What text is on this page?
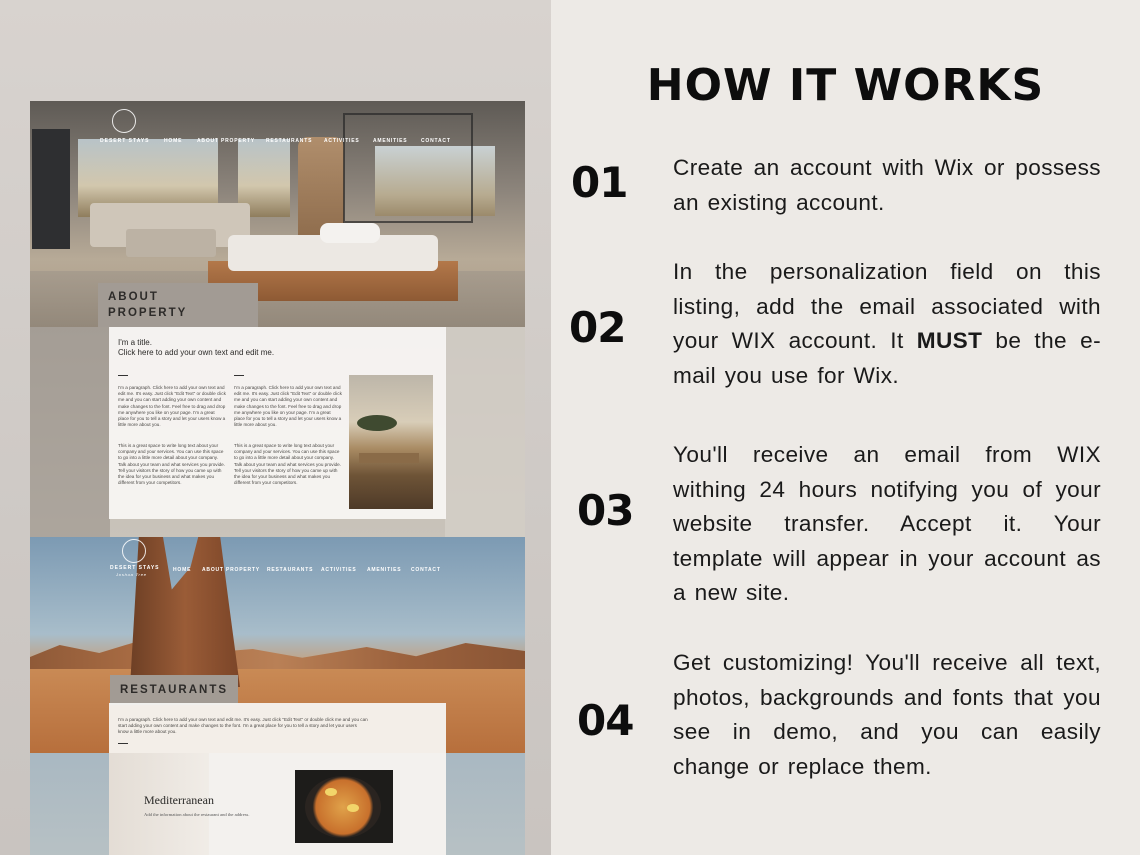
DESERT STAYS	HOME	ABOUT PROPERTY RESTAURANTS ACTIVITIES	AMENITIES	CONTACT
ABOUT
PROPERTY
I'm a title.
Click here to add your own text and edit me.
I'm a paragraph. Click here to add your own text and edit me. It's easy. Just click "Edit Text" or double click me and you can start adding your own content and make changes to the font. Feel free to drag and drop me anywhere you like on your page. I'm a great place for you to tell a story and let your users know a little more about you.
This is a great space to write long text about your company and your services. You can use this space to go into a little more detail about your company. Talk about your team and what services you provide. Tell your visitors the story of how you came up with the idea for your business and what makes you different from your competitors.
I'm a paragraph. Click here to add your own text and edit me. It's easy. Just click "Edit Text" or double click me and you can start adding your own content and make changes to the font. Feel free to drag and drop me anywhere you like on your page. I'm a great place for you to tell a story and let your users know a little more about you.
This is a great space to write long text about your company and your services. You can use this space to go into a little more detail about your company. Talk about your team and what services you provide. Tell your visitors the story of how you came up with the idea for your business and what makes you different from your competitors.
DESERT STAYS
Joshua Tree
HOME ABOUT PROPERTY RESTAURANTS ACTIVITIES AMENITIES CONTACT
RESTAURANTS
I'm a paragraph. Click here to add your own text and edit me. It's easy. Just click "Edit Text" or double click me and you can start adding your own content and make changes to the font. I'm a great place for you to tell a story and let your users know a little more about you.
Mediterranean
Add the information about the restaurant and the address.
HOW IT WORKS
01 Create an account with Wix or possess an existing account.
02
In the personalization field on this listing, add the email associated with your WIX account. It MUST be the e-mail you use for Wix.
03
You'll receive an email from WIX withing 24 hours notifying you of your website transfer. Accept it. Your template will appear in your account as a new site.
04
Get customizing! You'll receive all text, photos, backgrounds and fonts that you see in demo, and you can easily change or replace them.
